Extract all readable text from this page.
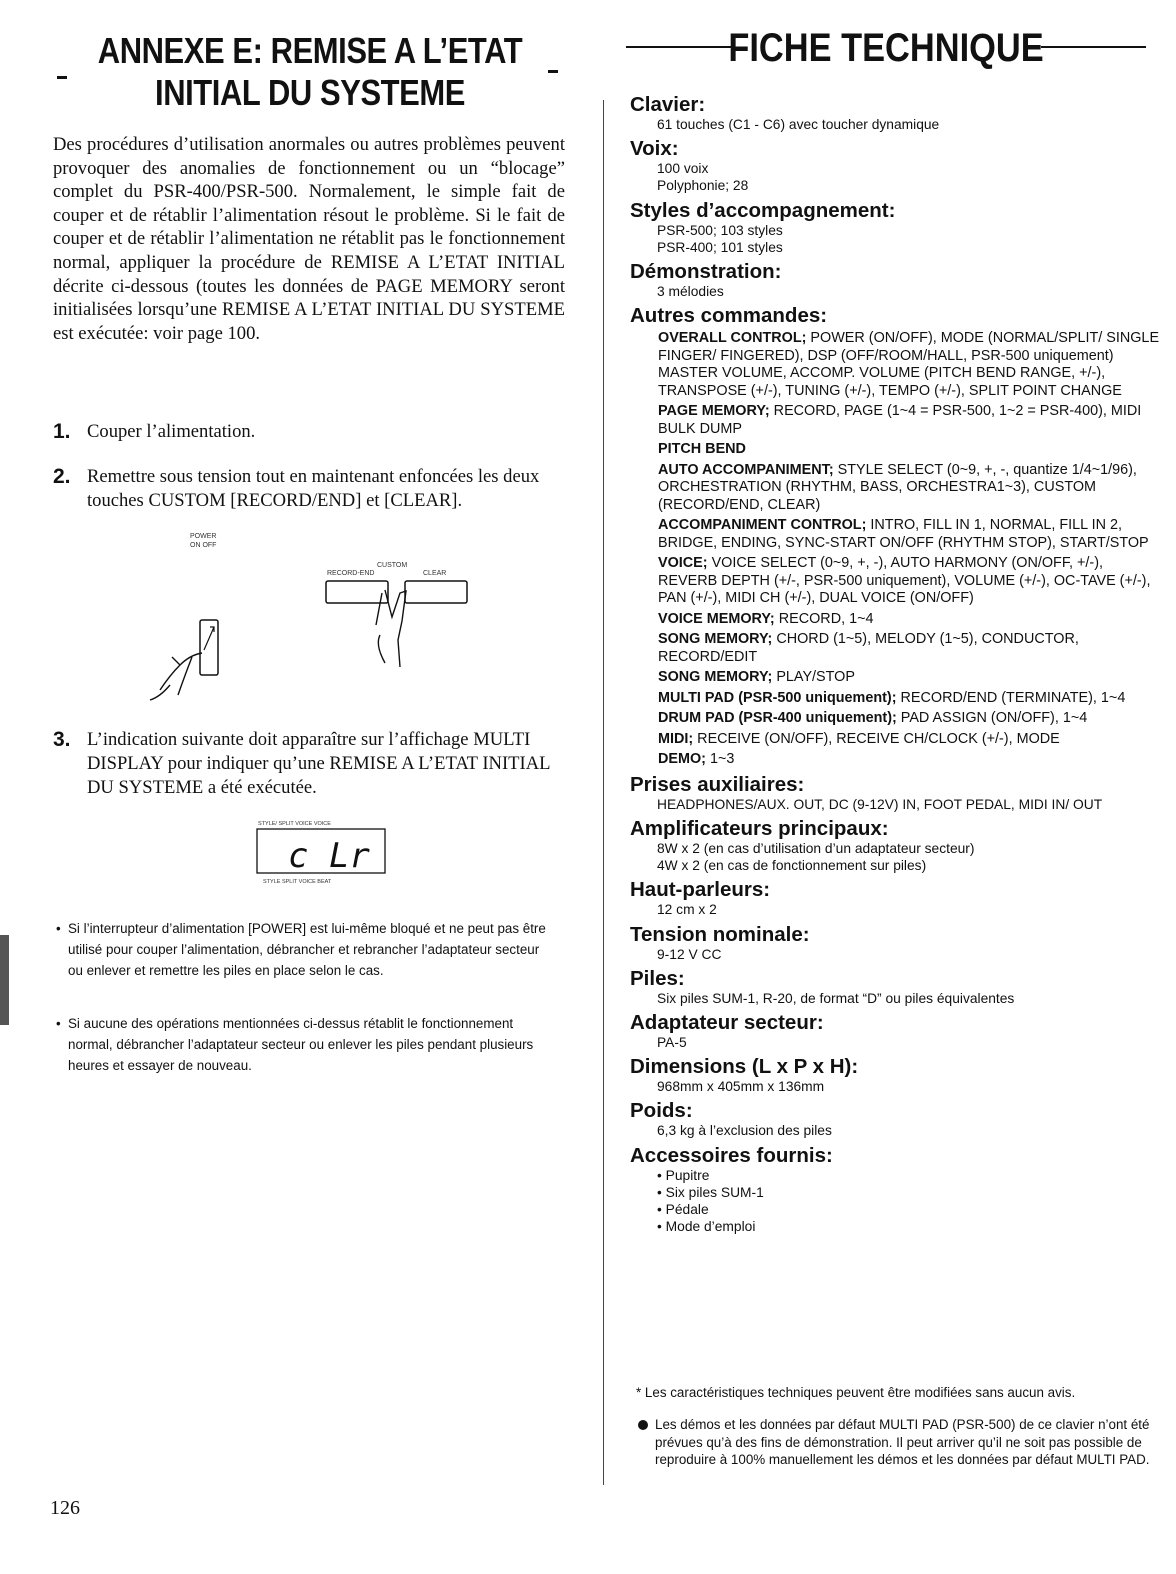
ANNEXE E: REMISE A L’ETAT
INITIAL DU SYSTEME
Des procédures d’utilisation anormales ou autres problèmes peuvent provoquer des anomalies de fonctionnement ou un “blocage” complet du PSR-400/PSR-500. Normalement, le simple fait de couper et de rétablir l’alimentation résout le problème. Si le fait de couper et de rétablir l’alimentation ne rétablit pas le fonctionnement normal, appliquer la procédure de REMISE A L’ETAT INITIAL décrite ci-dessous (toutes les données de PAGE MEMORY seront initialisées lorsqu’une REMISE A L’ETAT INITIAL DU SYSTEME est exécutée: voir page 100.
1. Couper l’alimentation.
2. Remettre sous tension tout en maintenant enfoncées les deux touches CUSTOM [RECORD/END] et [CLEAR].
POWER
ON OFF
CUSTOM
RECORD-END	CLEAR
3. L’indication suivante doit apparaître sur l’affichage MULTI DISPLAY pour indiquer qu’une REMISE A L’ETAT INITIAL DU SYSTEME a été exécutée.
STYLE/ SPLIT VOICE VOICE
c Lr
STYLE SPLIT VOICE BEAT
• Si l’interrupteur d’alimentation [POWER] est lui-même bloqué et ne peut pas être utilisé pour couper l’alimentation, débrancher et rebrancher l’adaptateur secteur ou enlever et remettre les piles en place selon le cas.
• Si aucune des opérations mentionnées ci-dessus rétablit le fonctionnement normal, débrancher l’adaptateur secteur ou enlever les piles pendant plusieurs heures et essayer de nouveau.
126
FICHE TECHNIQUE
Clavier:
61 touches (C1 - C6) avec toucher dynamique
Voix:
100 voix
Polyphonie; 28
Styles d’accompagnement:
PSR-500; 103 styles
PSR-400; 101 styles
Démonstration:
3 mélodies
Autres commandes:
OVERALL CONTROL; POWER (ON/OFF), MODE (NORMAL/SPLIT/ SINGLE FINGER/ FINGERED), DSP (OFF/ROOM/HALL, PSR-500 uniquement) MASTER VOLUME, ACCOMP. VOLUME (PITCH BEND RANGE, +/-), TRANSPOSE (+/-), TUNING (+/-), TEMPO (+/-), SPLIT POINT CHANGE
PAGE MEMORY; RECORD, PAGE (1~4 = PSR-500, 1~2 = PSR-400), MIDI BULK DUMP
PITCH BEND
AUTO ACCOMPANIMENT; STYLE SELECT (0~9, +, -, quantize 1/4~1/96), ORCHESTRATION (RHYTHM, BASS, ORCHESTRA1~3), CUSTOM (RECORD/END, CLEAR)
ACCOMPANIMENT CONTROL; INTRO, FILL IN 1, NORMAL, FILL IN 2, BRIDGE, ENDING, SYNC-START ON/OFF (RHYTHM STOP), START/STOP
VOICE; VOICE SELECT (0~9, +, -), AUTO HARMONY (ON/OFF, +/-), REVERB DEPTH (+/-, PSR-500 uniquement), VOLUME (+/-), OC-TAVE (+/-), PAN (+/-), MIDI CH (+/-), DUAL VOICE (ON/OFF)
VOICE MEMORY; RECORD, 1~4
SONG MEMORY; CHORD (1~5), MELODY (1~5), CONDUCTOR, RECORD/EDIT
SONG MEMORY; PLAY/STOP
MULTI PAD (PSR-500 uniquement); RECORD/END (TERMINATE), 1~4
DRUM PAD (PSR-400 uniquement); PAD ASSIGN (ON/OFF), 1~4
MIDI; RECEIVE (ON/OFF), RECEIVE CH/CLOCK (+/-), MODE
DEMO; 1~3
Prises auxiliaires:
HEADPHONES/AUX. OUT, DC (9-12V) IN, FOOT PEDAL, MIDI IN/ OUT
Amplificateurs principaux:
8W x 2 (en cas d’utilisation d’un adaptateur secteur)
4W x 2 (en cas de fonctionnement sur piles)
Haut-parleurs:
12 cm x 2
Tension nominale:
9-12 V CC
Piles:
Six piles SUM-1, R-20, de format “D” ou piles équivalentes
Adaptateur secteur:
PA-5
Dimensions (L x P x H):
968mm x 405mm x 136mm
Poids:
6,3 kg à l’exclusion des piles
Accessoires fournis:
• Pupitre
• Six piles SUM-1
• Pédale
• Mode d’emploi
* Les caractéristiques techniques peuvent être modifiées sans aucun avis.
Les démos et les données par défaut MULTI PAD (PSR-500) de ce clavier n’ont été prévues qu’à des fins de démonstration. Il peut arriver qu’il ne soit pas possible de reproduire à 100% manuellement les démos et les données par défaut MULTI PAD.
